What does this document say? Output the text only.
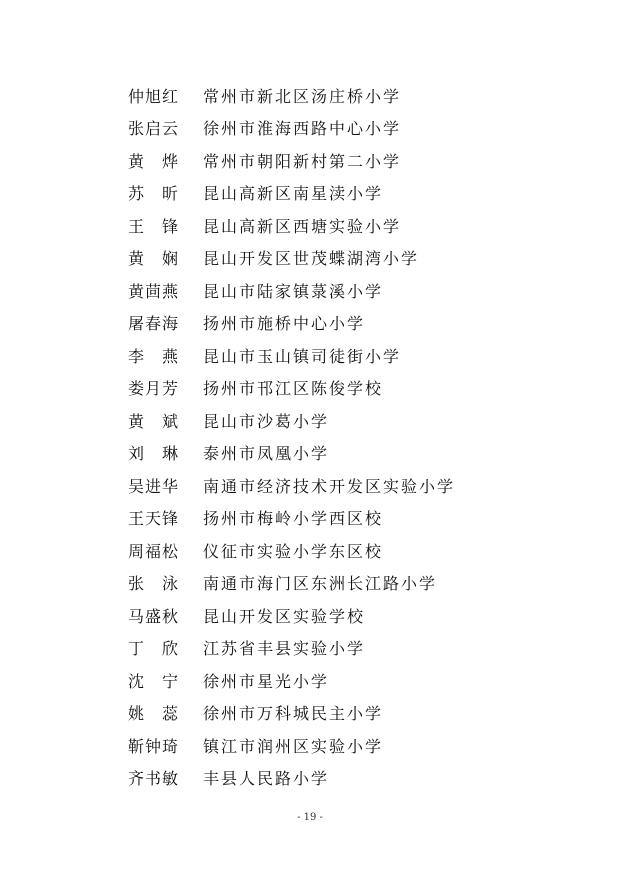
仲旭红	常州市新北区汤庄桥小学
张启云	徐州市淮海西路中心小学
黄　烨	常州市朝阳新村第二小学
苏　昕	昆山高新区南星渎小学
王　锋	昆山高新区西塘实验小学
黄　娴	昆山开发区世茂蝶湖湾小学
黄茴燕	昆山市陆家镇菉溪小学
屠春海	扬州市施桥中心小学
李　燕	昆山市玉山镇司徒街小学
娄月芳	扬州市邗江区陈俊学校
黄　斌	昆山市沙葛小学
刘　琳	泰州市凤凰小学
吴进华	南通市经济技术开发区实验小学
王天锋	扬州市梅岭小学西区校
周福松	仪征市实验小学东区校
张　泳	南通市海门区东洲长江路小学
马盛秋	昆山开发区实验学校
丁　欣	江苏省丰县实验小学
沈　宁	徐州市星光小学
姚　蕊	徐州市万科城民主小学
靳钟琦	镇江市润州区实验小学
齐书敏	丰县人民路小学
- 19 -
